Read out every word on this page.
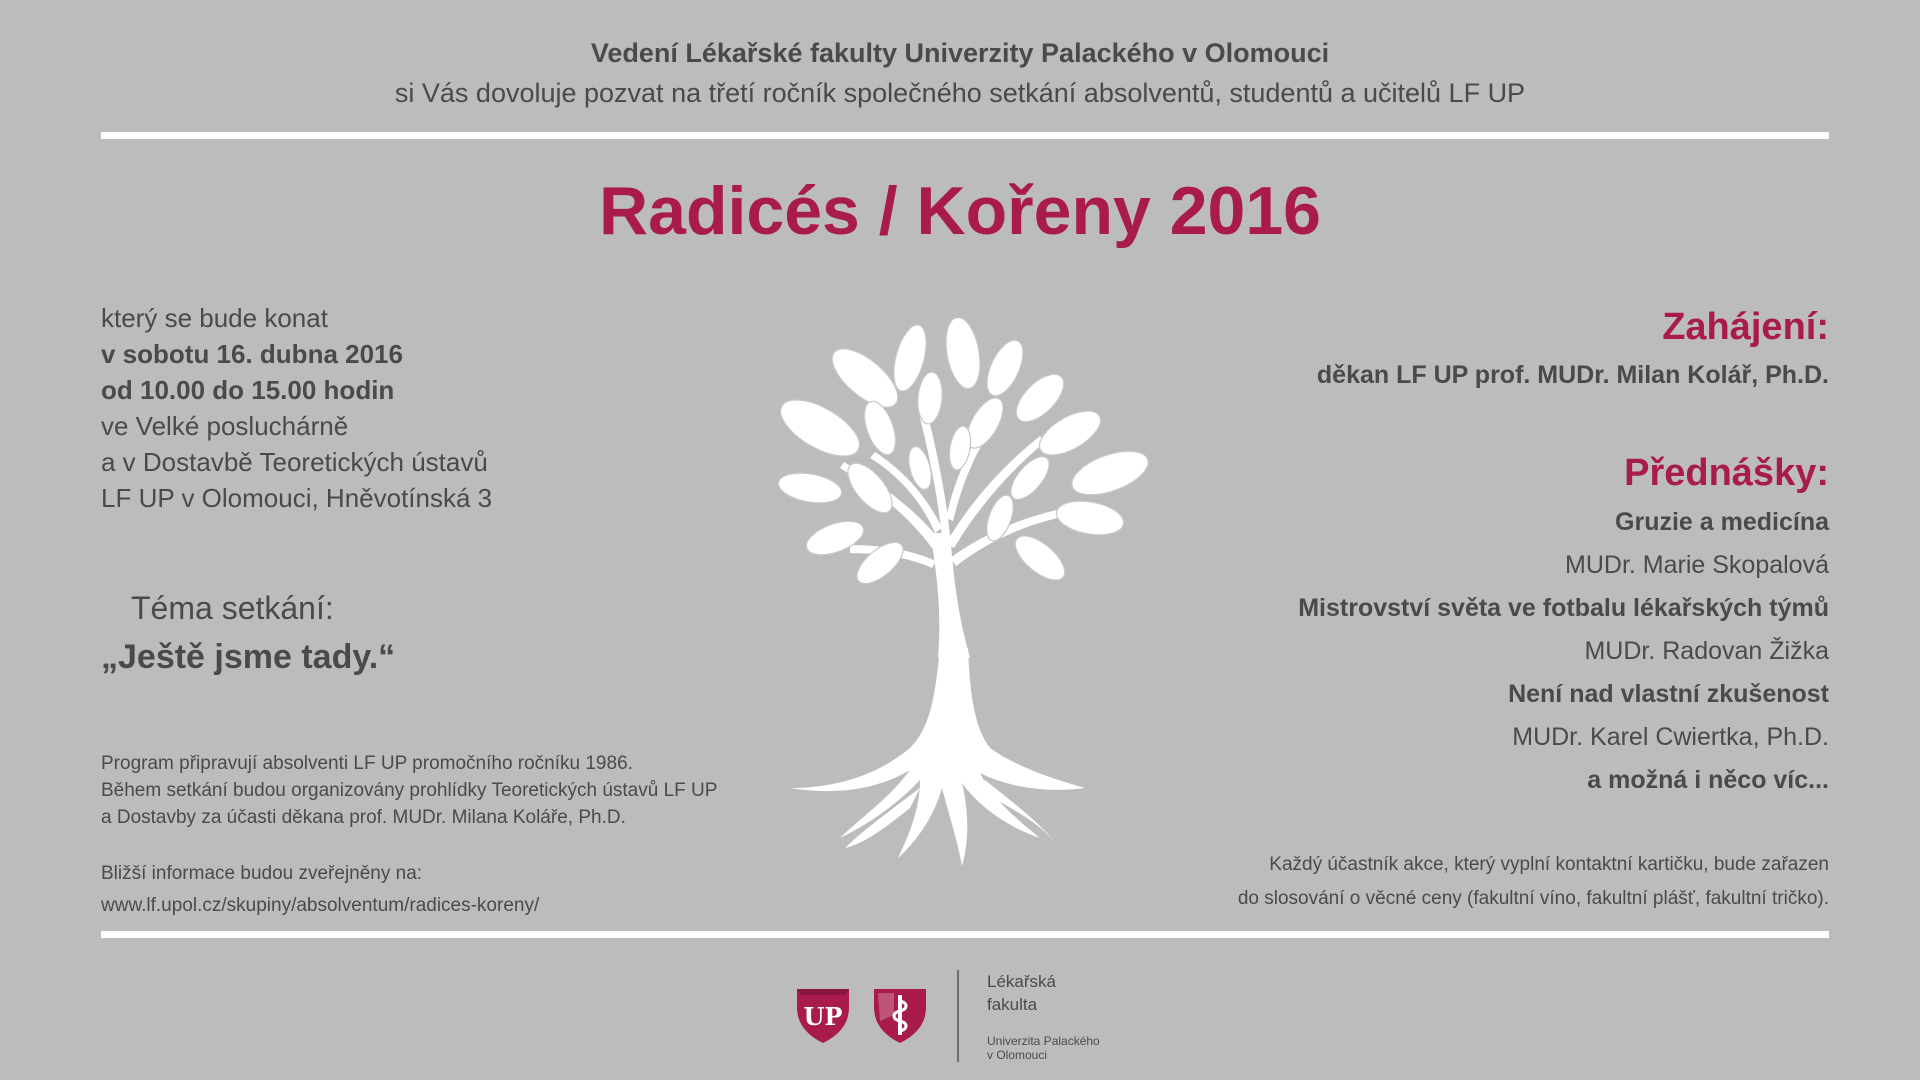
Vedení Lékařské fakulty Univerzity Palackého v Olomouci
si Vás dovoluje pozvat na třetí ročník společného setkání absolventů, studentů a učitelů LF UP
Radicés / Kořeny 2016
který se bude konat
v sobotu 16. dubna 2016
od 10.00 do 15.00 hodin
ve Velké posluchárně
a v Dostavbě Teoretických ústavů
LF UP v Olomouci, Hněvotínská 3
Téma setkání:
„Ještě jsme tady.“
Program připravují absolventi LF UP promočního ročníku 1986.
Během setkání budou organizovány prohlídky Teoretických ústavů LF UP
a Dostavby za účasti děkana prof. MUDr. Milana Koláře, Ph.D.
Bližší informace budou zveřejněny na:
www.lf.upol.cz/skupiny/absolventum/radices-koreny/
Zahájení:
děkan LF UP prof. MUDr. Milan Kolář, Ph.D.
Přednášky:
Gruzie a medicína
MUDr. Marie Skopalová
Mistrovství světa ve fotbalu lékařských týmů
MUDr. Radovan Žižka
Není nad vlastní zkušenost
MUDr. Karel Cwiertka, Ph.D.
a možná i něco víc...
Každý účastník akce, který vyplní kontaktní kartičku, bude zařazen
do slosování o věcné ceny (fakultní víno, fakultní plášť, fakultní tričko).
UP
Lékařská
fakulta
Univerzita Palackého
v Olomouci
